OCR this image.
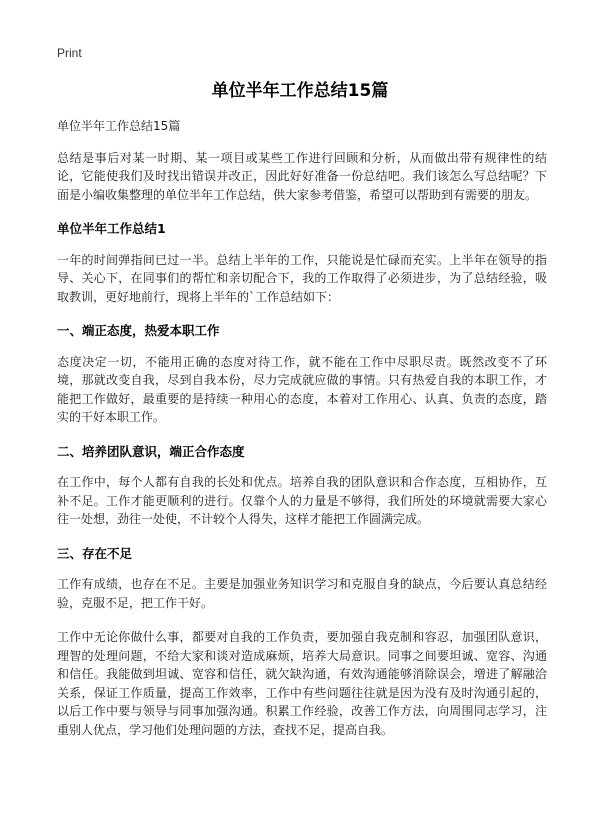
Print
单位半年工作总结15篇

单位半年工作总结15篇

总结是事后对某一时期、某一项目或某些工作进行回顾和分析，从而做出带有规律性的结论，它能使我们及时找出错误并改正，因此好好准备一份总结吧。我们该怎么写总结呢？下面是小编收集整理的单位半年工作总结，供大家参考借鉴，希望可以帮助到有需要的朋友。

单位半年工作总结1

一年的时间弹指间已过一半。总结上半年的工作，只能说是忙碌而充实。上半年在领导的指导、关心下，在同事们的帮忙和亲切配合下，我的工作取得了必须进步，为了总结经验，吸取教训，更好地前行，现将上半年的`工作总结如下：

一、端正态度，热爱本职工作

态度决定一切，不能用正确的态度对待工作，就不能在工作中尽职尽责。既然改变不了环境，那就改变自我，尽到自我本份，尽力完成就应做的事情。只有热爱自我的本职工作，才能把工作做好，最重要的是持续一种用心的态度，本着对工作用心、认真、负责的态度，踏实的干好本职工作。

二、培养团队意识，端正合作态度

在工作中，每个人都有自我的长处和优点。培养自我的团队意识和合作态度，互相协作，互补不足。工作才能更顺利的进行。仅靠个人的力量是不够得，我们所处的环境就需要大家心往一处想，劲往一处使，不计较个人得失，这样才能把工作圆满完成。

三、存在不足

工作有成绩，也存在不足。主要是加强业务知识学习和克服自身的缺点，今后要认真总结经验，克服不足，把工作干好。

工作中无论你做什么事，都要对自我的工作负责，要加强自我克制和容忍，加强团队意识，理智的处理问题，不给大家和谈对造成麻烦，培养大局意识。同事之间要坦诚、宽容、沟通和信任。我能做到坦诚、宽容和信任，就欠缺沟通，有效沟通能够消除误会，增进了解融洽关系，保证工作质量，提高工作效率，工作中有些问题往往就是因为没有及时沟通引起的，以后工作中要与领导与同事加强沟通。积累工作经验，改善工作方法，向周围同志学习，注重别人优点，学习他们处理问题的方法，查找不足，提高自我。
